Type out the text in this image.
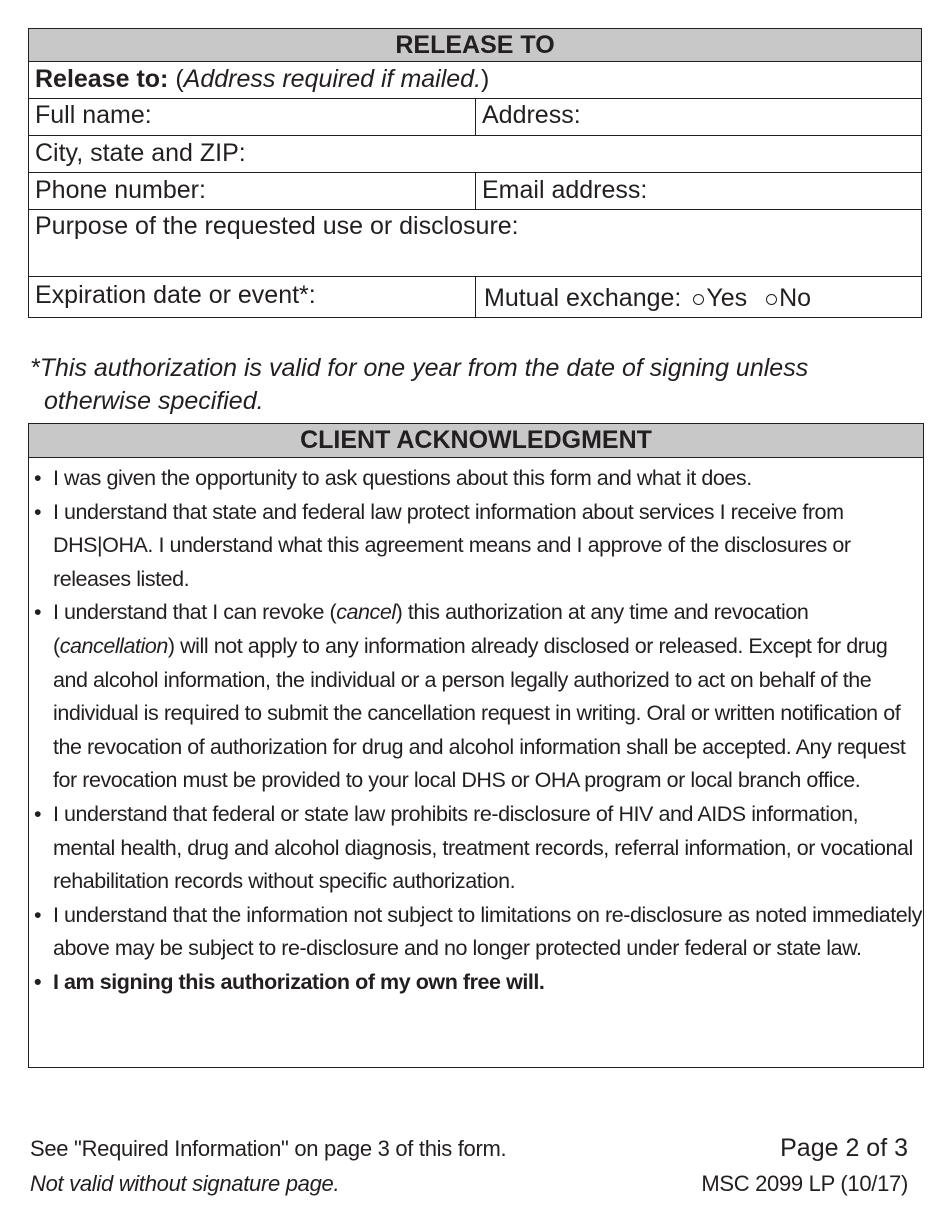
RELEASE TO
Release to: (Address required if mailed.)
Full name:	Address:
City, state and ZIP:
Phone number:	Email address:
Purpose of the requested use or disclosure:
Expiration date or event*:	Mutual exchange: Yes No
*This authorization is valid for one year from the date of signing unless
otherwise specified.
CLIENT ACKNOWLEDGMENT
• I was given the opportunity to ask questions about this form and what it does.
• I understand that state and federal law protect information about services I receive from DHS|OHA. I understand what this agreement means and I approve of the disclosures or releases listed.
• I understand that I can revoke (cancel) this authorization at any time and revocation (cancellation) will not apply to any information already disclosed or released. Except for drug and alcohol information, the individual or a person legally authorized to act on behalf of the individual is required to submit the cancellation request in writing. Oral or written notification of the revocation of authorization for drug and alcohol information shall be accepted. Any request for revocation must be provided to your local DHS or OHA program or local branch office.
• I understand that federal or state law prohibits re-disclosure of HIV and AIDS information, mental health, drug and alcohol diagnosis, treatment records, referral information, or vocational rehabilitation records without specific authorization.
• I understand that the information not subject to limitations on re-disclosure as noted immediately above may be subject to re-disclosure and no longer protected under federal or state law.
• I am signing this authorization of my own free will.
See "Required Information" on page 3 of this form.
Not valid without signature page.
Page 2 of 3
MSC 2099 LP (10/17)
